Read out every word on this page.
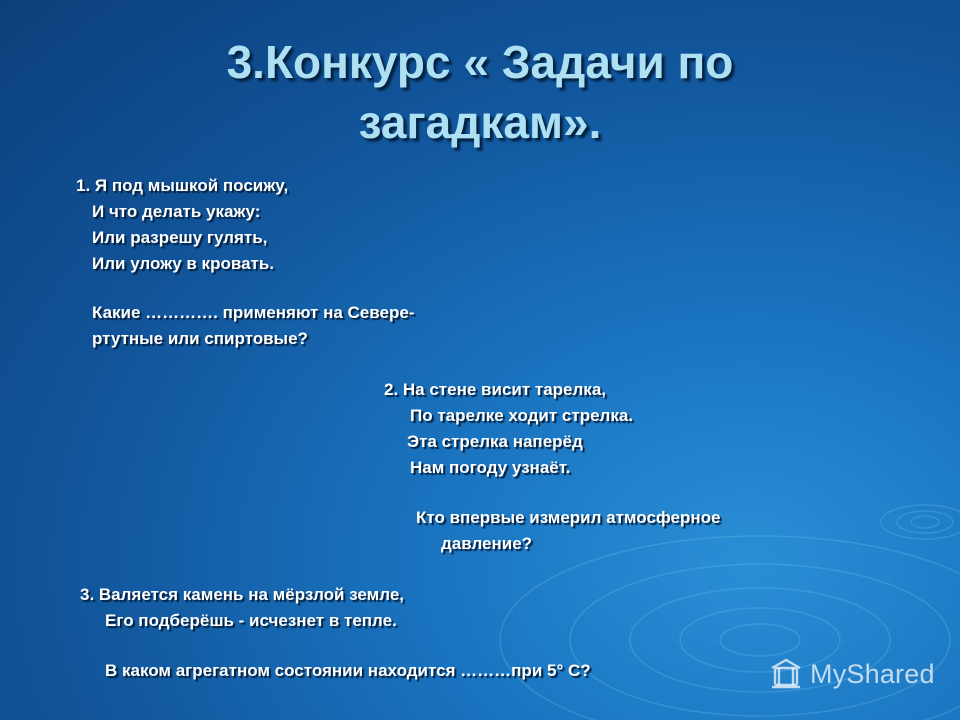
3.Конкурс « Задачи по
загадкам».
1. Я под мышкой посижу,
И что делать укажу:
Или разрешу гулять,
Или уложу в кровать.
Какие …………. применяют на Севере-
ртутные или спиртовые?
2. На стене висит тарелка,
По тарелке ходит стрелка.
Эта стрелка наперёд
Нам погоду узнаёт.
Кто впервые измерил атмосферное
давление?
3. Валяется камень на мёрзлой земле,
Его подберёшь - исчезнет в тепле.
В каком агрегатном состоянии находится ………при 5° С?	MyShared
